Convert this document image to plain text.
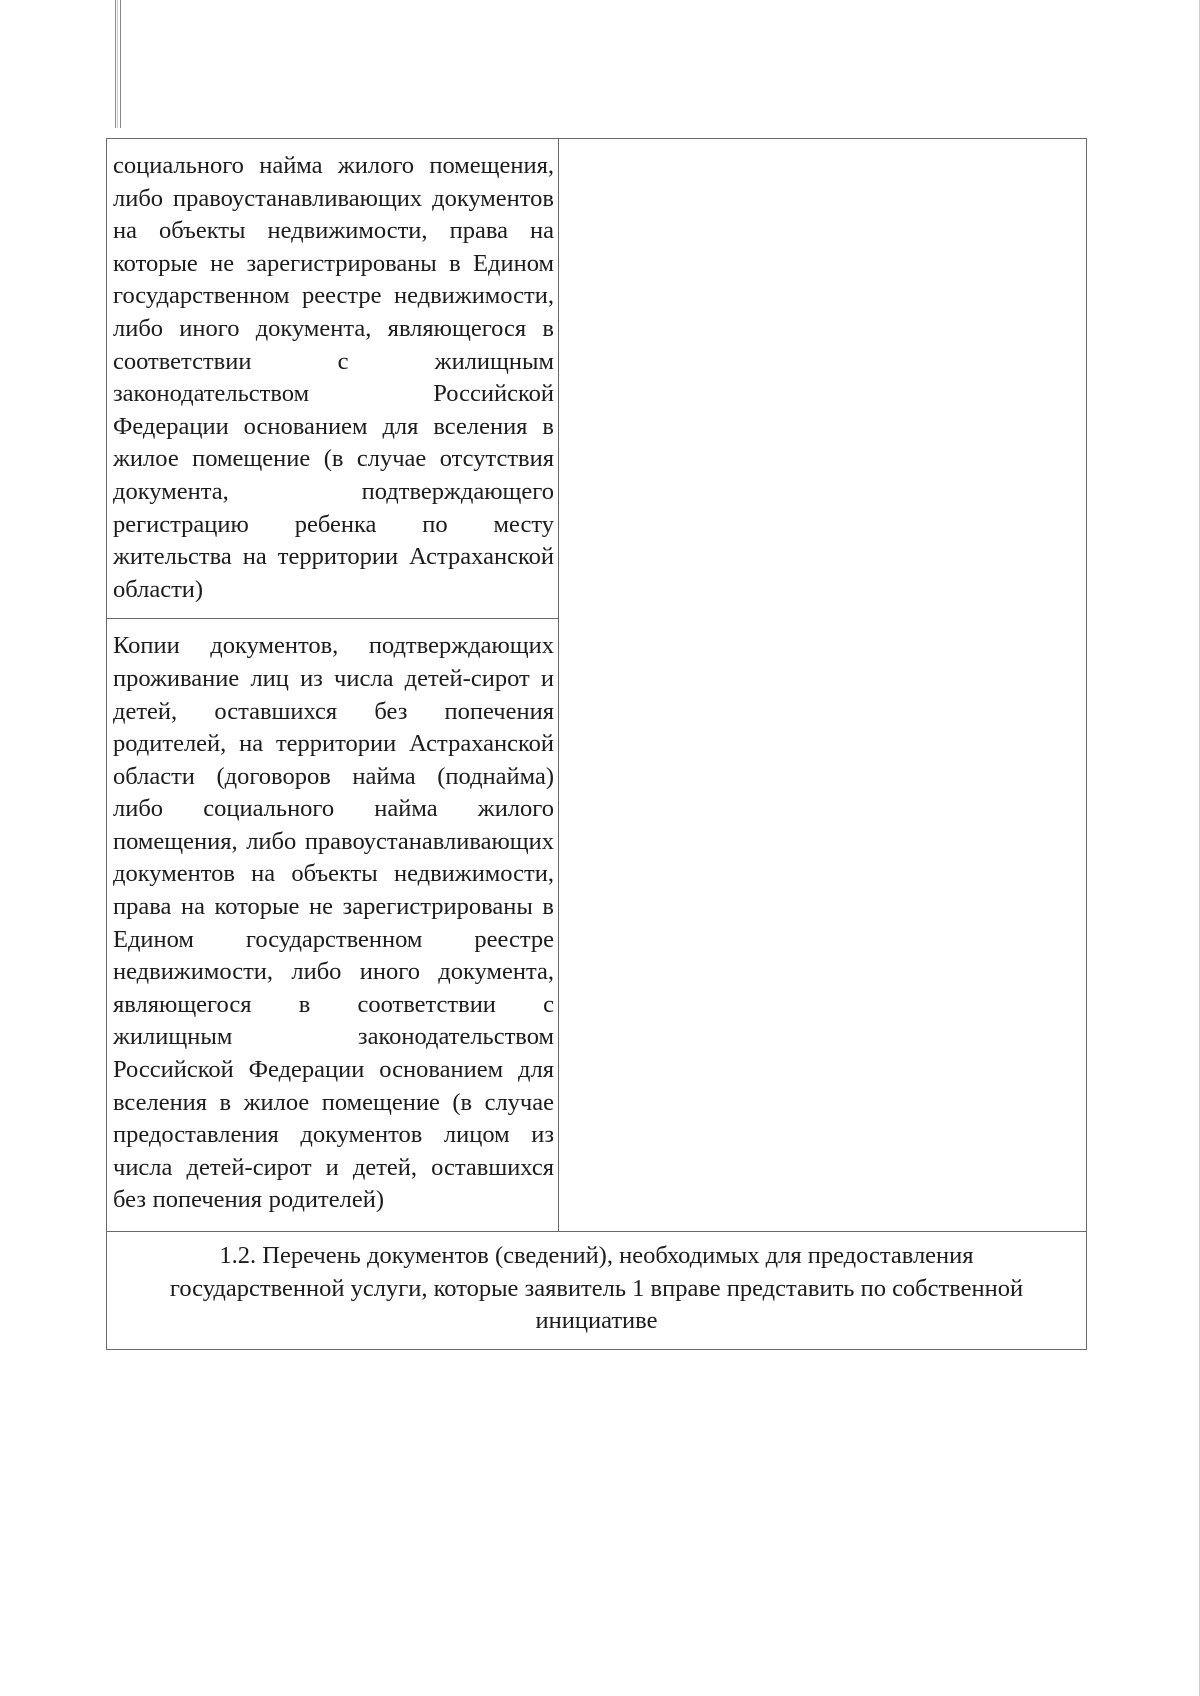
социального найма жилого помещения, либо правоустанавливающих документов на объекты недвижимости, права на которые не зарегистрированы в Едином государственном реестре недвижимости, либо иного документа, являющегося в соответствии с жилищным законодательством Российской Федерации основанием для вселения в жилое помещение (в случае отсутствия документа, подтверждающего регистрацию ребенка по месту жительства на территории Астраханской области)

Копии документов, подтверждающих проживание лиц из числа детей-сирот и детей, оставшихся без попечения родителей, на территории Астраханской области (договоров найма (поднайма) либо социального найма жилого помещения, либо правоустанавливающих документов на объекты недвижимости, права на которые не зарегистрированы в Едином государственном реестре недвижимости, либо иного документа, являющегося в соответствии с жилищным законодательством Российской Федерации основанием для вселения в жилое помещение (в случае предоставления документов лицом из числа детей-сирот и детей, оставшихся без попечения родителей)

1.2. Перечень документов (сведений), необходимых для предоставления государственной услуги, которые заявитель 1 вправе представить по собственной инициативе
